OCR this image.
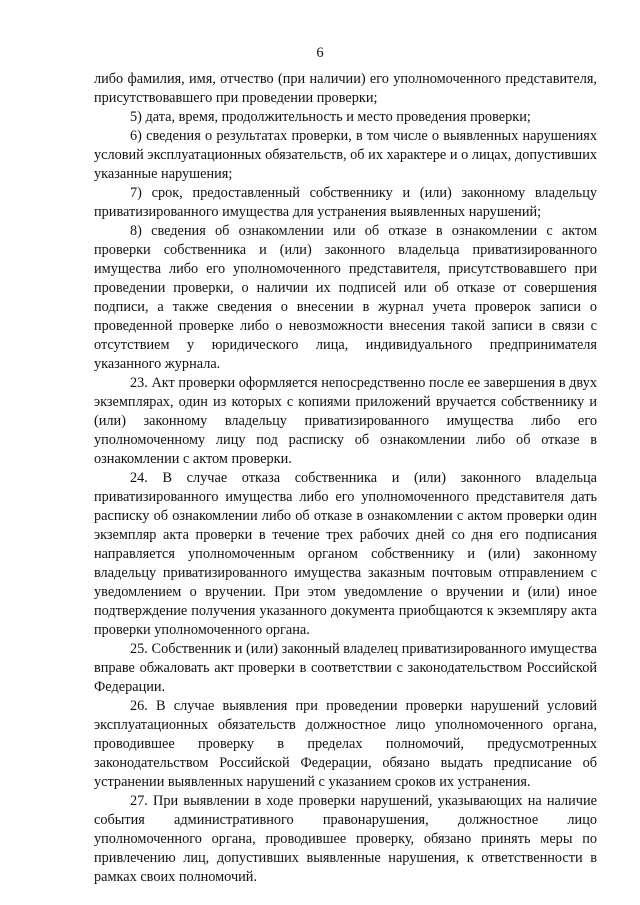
6

либо фамилия, имя, отчество (при наличии) его уполномоченного представителя, присутствовавшего при проведении проверки;

5) дата, время, продолжительность и место проведения проверки;

6) сведения о результатах проверки, в том числе о выявленных нарушениях условий эксплуатационных обязательств, об их характере и о лицах, допустивших указанные нарушения;

7) срок, предоставленный собственнику и (или) законному владельцу приватизированного имущества для устранения выявленных нарушений;

8) сведения об ознакомлении или об отказе в ознакомлении с актом проверки собственника и (или) законного владельца приватизированного имущества либо его уполномоченного представителя, присутствовавшего при проведении проверки, о наличии их подписей или об отказе от совершения подписи, а также сведения о внесении в журнал учета проверок записи о проведенной проверке либо о невозможности внесения такой записи в связи с отсутствием у юридического лица, индивидуального предпринимателя указанного журнала.

23. Акт проверки оформляется непосредственно после ее завершения в двух экземплярах, один из которых с копиями приложений вручается собственнику и (или) законному владельцу приватизированного имущества либо его уполномоченному лицу под расписку об ознакомлении либо об отказе в ознакомлении с актом проверки.

24. В случае отказа собственника и (или) законного владельца приватизированного имущества либо его уполномоченного представителя дать расписку об ознакомлении либо об отказе в ознакомлении с актом проверки один экземпляр акта проверки в течение трех рабочих дней со дня его подписания направляется уполномоченным органом собственнику и (или) законному владельцу приватизированного имущества заказным почтовым отправлением с уведомлением о вручении. При этом уведомление о вручении и (или) иное подтверждение получения указанного документа приобщаются к экземпляру акта проверки уполномоченного органа.

25. Собственник и (или) законный владелец приватизированного имущества вправе обжаловать акт проверки в соответствии с законодательством Российской Федерации.

26. В случае выявления при проведении проверки нарушений условий эксплуатационных обязательств должностное лицо уполномоченного органа, проводившее проверку в пределах полномочий, предусмотренных законодательством Российской Федерации, обязано выдать предписание об устранении выявленных нарушений с указанием сроков их устранения.

27. При выявлении в ходе проверки нарушений, указывающих на наличие события административного правонарушения, должностное лицо уполномоченного органа, проводившее проверку, обязано принять меры по привлечению лиц, допустивших выявленные нарушения, к ответственности в рамках своих полномочий.
